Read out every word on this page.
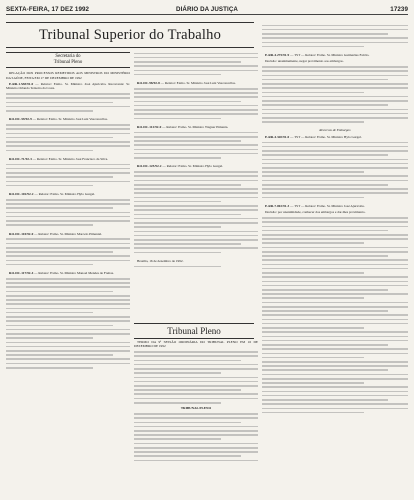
SEXTA-FEIRA, 17 DEZ 1992	DIÁRIO DA JUSTIÇA	17239
Tribunal Superior do Trabalho
Secretaria do
Tribunal Pleno

RELAÇÃO DOS PROCESSOS REMETIDOS AOS MINISTROS DO MINISTÉRIO DA SAÚDE, FEITA EM 17 DE DEZEMBRO DE 1992

E-RR-1.538/91-0 — Relator: Exmo. Sr. Ministro José Ajuricaba. Recorrente: Sr. Ministro Orlando Teixeira da Costa.

RO-DC-59/92-9 — Relator: Exmo. Sr. Ministro José Luiz Vasconcellos.

RO-DC-71/92-3 — Relator: Exmo. Sr. Ministro José Francisco da Silva.

RO-DC-102/92-2 — Relator: Exmo. Sr. Ministro Hylo Gurgel.

RO-DC-110/92-0 — Relator: Exmo. Sr. Ministro Marcelo Pimentel.

RO-DC-117/92-4 — Relator: Exmo. Sr. Ministro Manoel Mendes de Freitas.

RO-DC-98/92-8 — Relator: Exmo. Sr. Ministro José Luiz Vasconcellos.

RO-DC-112/92-0 — Relator: Exmo. Sr. Ministro Wagner Pimenta.

RO-DC-125/92-2 — Relator: Exmo. Sr. Ministro Hylo Gurgel.

Brasília, 16 de dezembro de 1992.

Tribunal Pleno

TERMO DA 9ª SESSÃO ORDINÁRIA DO TRIBUNAL PLENO EM 16 DE DEZEMBRO DE 1992

TRIBUNAL PLENO

E-RR-4.275/91-9 — TST — Relator: Exmo. Sr. Ministro Guimarães Falcão.

Decisão: unanimemente, negar provimento aos embargos.

Recursos de Embargos

E-RR-4.320/91-0 — TST — Relator: Exmo. Sr. Ministro Hylo Gurgel.

E-RR-7.002/91-3 — TST — Relator: Exmo. Sr. Ministro José Ajuricaba.

Decisão: por unanimidade, conhecer dos embargos e dar-lhes provimento.
